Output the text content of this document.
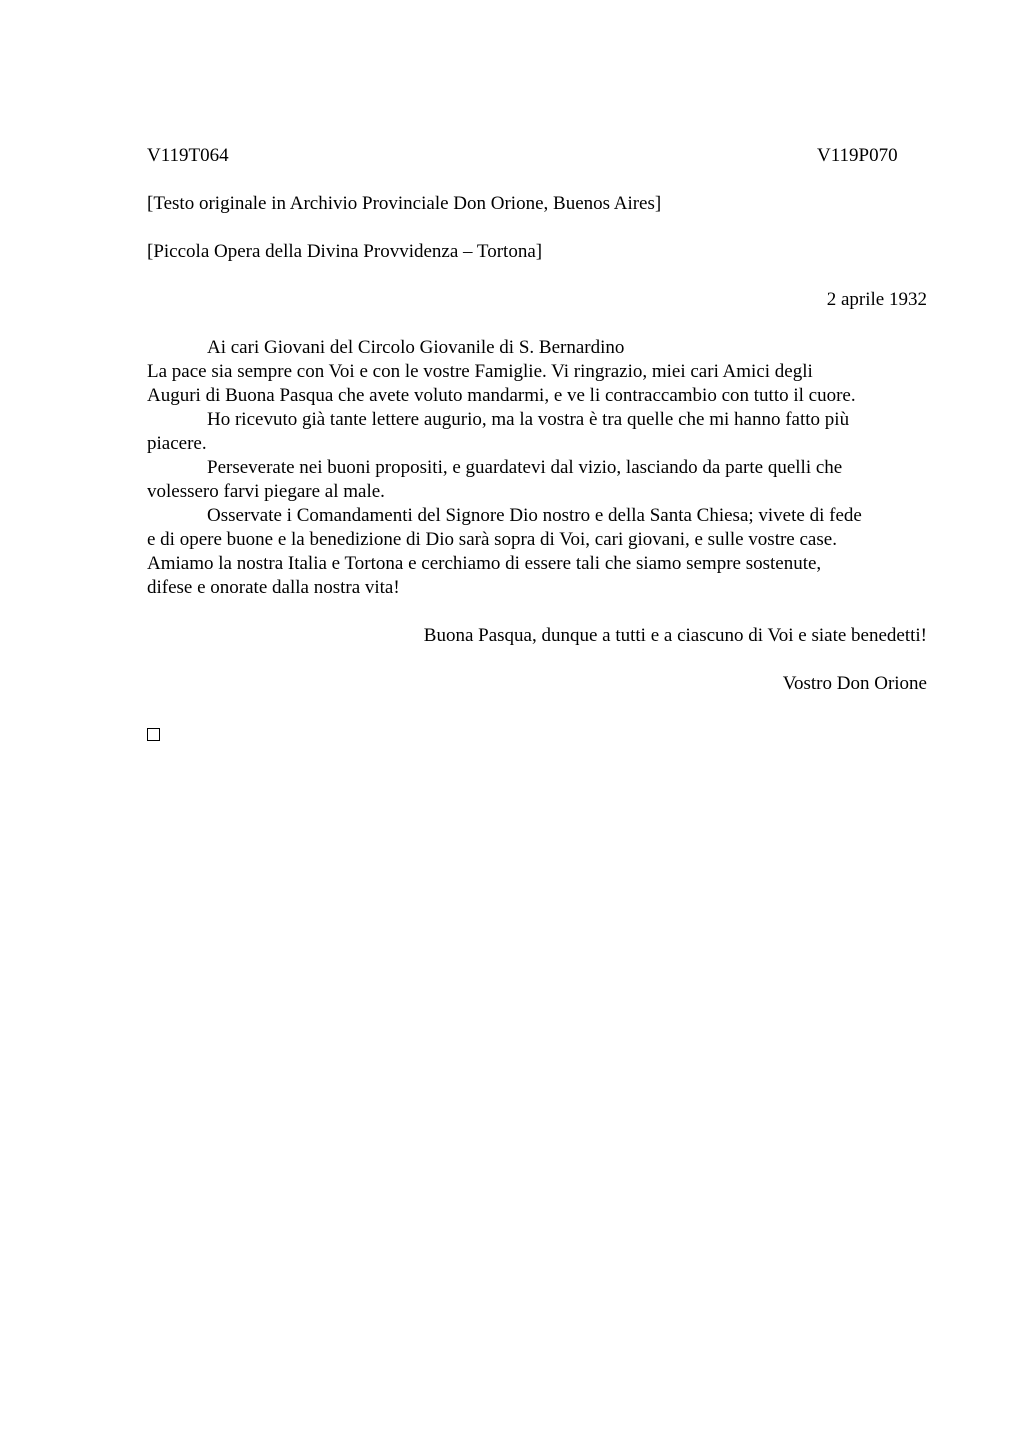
V119T064	V119P070
[Testo originale in Archivio Provinciale Don Orione, Buenos Aires]
[Piccola Opera della Divina Provvidenza – Tortona]
2 aprile 1932

Ai cari Giovani del Circolo Giovanile di S. Bernardino

La pace sia sempre con Voi e con le vostre Famiglie. Vi ringrazio, miei cari Amici degli

Auguri di Buona Pasqua che avete voluto mandarmi, e ve li contraccambio con tutto il cuore.

Ho ricevuto già tante lettere augurio, ma la vostra è tra quelle che mi hanno fatto più

piacere.

Perseverate nei buoni propositi, e guardatevi dal vizio, lasciando da parte quelli che

volessero farvi piegare al male.

Osservate i Comandamenti del Signore Dio nostro e della Santa Chiesa; vivete di fede

e di opere buone e la benedizione di Dio sarà sopra di Voi, cari giovani, e sulle vostre case.

Amiamo la nostra Italia e Tortona e cerchiamo di essere tali che siamo sempre sostenute,

difese e onorate dalla nostra vita!

Buona Pasqua, dunque a tutti e a ciascuno di Voi e siate benedetti!
Vostro Don Orione
